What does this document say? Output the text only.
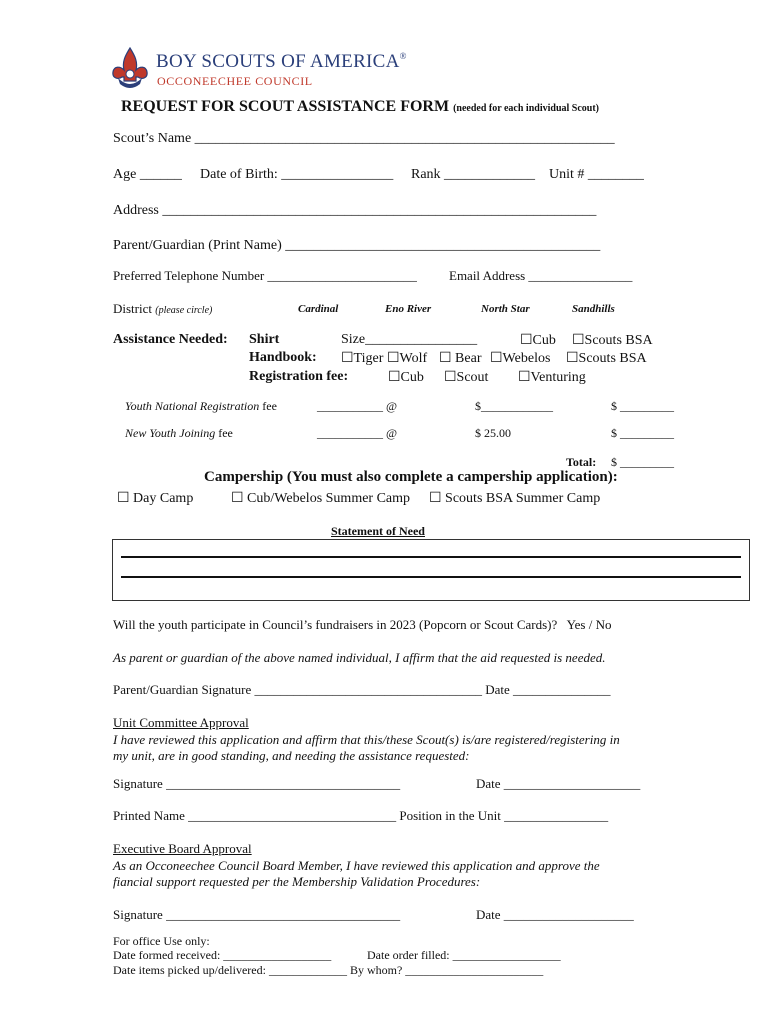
BOY SCOUTS OF AMERICA®
OCCONEECHEE COUNCIL
REQUEST FOR SCOUT ASSISTANCE FORM (needed for each individual Scout)
Scout’s Name ____________________________________________________________
Age ______ Date of Birth: ________________ Rank _____________ Unit # ________
Address ______________________________________________________________
Parent/Guardian (Print Name) _____________________________________________
Preferred Telephone Number _______________________ Email Address ________________
District (please circle)	Cardinal	Eno River	North Star	Sandhills
Assistance Needed: Shirt	Size________________	☐Cub ☐Scouts BSA
Handbook: ☐Tiger ☐Wolf ☐ Bear ☐Webelos ☐Scouts BSA
Registration fee:	☐Cub ☐Scout ☐Venturing
Youth National Registration fee	___________ @	$____________	$ _________
New Youth Joining fee	___________ @	$ 25.00	$ _________
Total: $ _________
Campership (You must also complete a campership application):
☐ Day Camp	☐ Cub/Webelos Summer Camp ☐ Scouts BSA Summer Camp
Statement of Need
Will the youth participate in Council’s fundraisers in 2023 (Popcorn or Scout Cards)? Yes / No
As parent or guardian of the above named individual, I affirm that the aid requested is needed.
Parent/Guardian Signature ___________________________________ Date _______________
Unit Committee Approval
I have reviewed this application and affirm that this/these Scout(s) is/are registered/registering in
my unit, are in good standing, and needing the assistance requested:
Signature ____________________________________	Date _____________________
Printed Name ________________________________ Position in the Unit ________________
Executive Board Approval
As an Occoneechee Council Board Member, I have reviewed this application and approve the
fiancial support requested per the Membership Validation Procedures:
Signature ____________________________________	Date ____________________
For office Use only:
Date formed received: __________________	Date order filled: __________________
Date items picked up/delivered: _____________ By whom? _______________________
